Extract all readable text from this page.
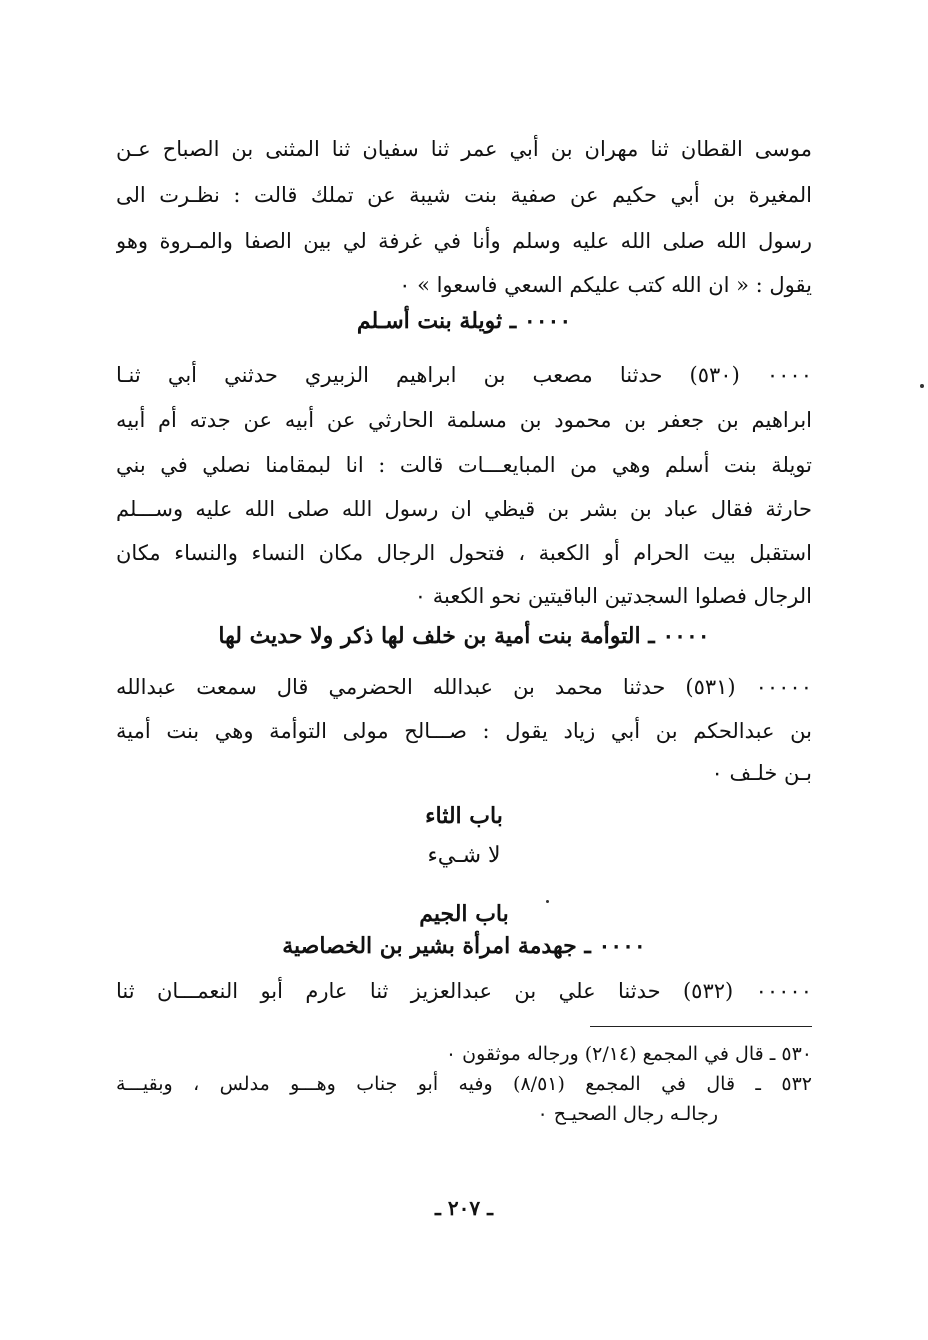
موسى القطان ثنا مهران بن أبي عمر ثنا سفيان ثنا المثنى بن الصباح عـن
المغيرة بن أبي حكيم عن صفية بنت شيبة عن تملك قالت : نظـرت الى
رسول الله صلى الله عليه وسلم وأنا في غرفة لي بين الصفا والمـروة وهو
يقول : « ان الله كتب عليكم السعي فاسعوا » ٠
٠٠٠٠ ـ ثويلة بنت أسـلم
٠٠٠٠ (٥٣٠) حدثنا مصعب بن ابراهيم الزبيري حدثني أبي ثنـا
ابراهيم بن جعفر بن محمود بن مسلمة الحارثي عن أبيه عن جدته أم أبيه
تويلة بنت أسلم وهي من المبايعـــات قالت : انا لبمقامنا نصلي في بني
حارثة فقال عباد بن بشر بن قيظي ان رسول الله صلى الله عليه وســـلم
استقبل بيت الحرام أو الكعبة ، فتحول الرجال مكان النساء والنساء مكان
الرجال فصلوا السجدتين الباقيتين نحو الكعبة ٠
٠٠٠٠ ـ التوأمة بنت أمية بن خلف لها ذكر ولا حديث لها
٠٠٠٠٠ (٥٣١) حدثنا محمد بن عبدالله الحضرمي قال سمعت عبدالله
بن عبدالحكم بن أبي زياد يقول : صـــالح مولى التوأمة وهي بنت أمية
بـن خلـف ٠
باب الثاء
لا شـيء
باب الجيم
٠٠٠٠ ـ جهدمة امرأة بشير بن الخصاصية
٠٠٠٠٠ (٥٣٢) حدثنا علي بن عبدالعزيز ثنا عارم أبو النعمـــان ثنا
٥٣٠ ـ قال في المجمع (٢/١٤) ورجاله موثقون ٠
٥٣٢ ـ قال في المجمع (٨/٥١) وفيه أبو جناب وهـــو مدلس ، وبقيـــة
رجالـه رجال الصحيـح ٠
ـ ٢٠٧ ـ
